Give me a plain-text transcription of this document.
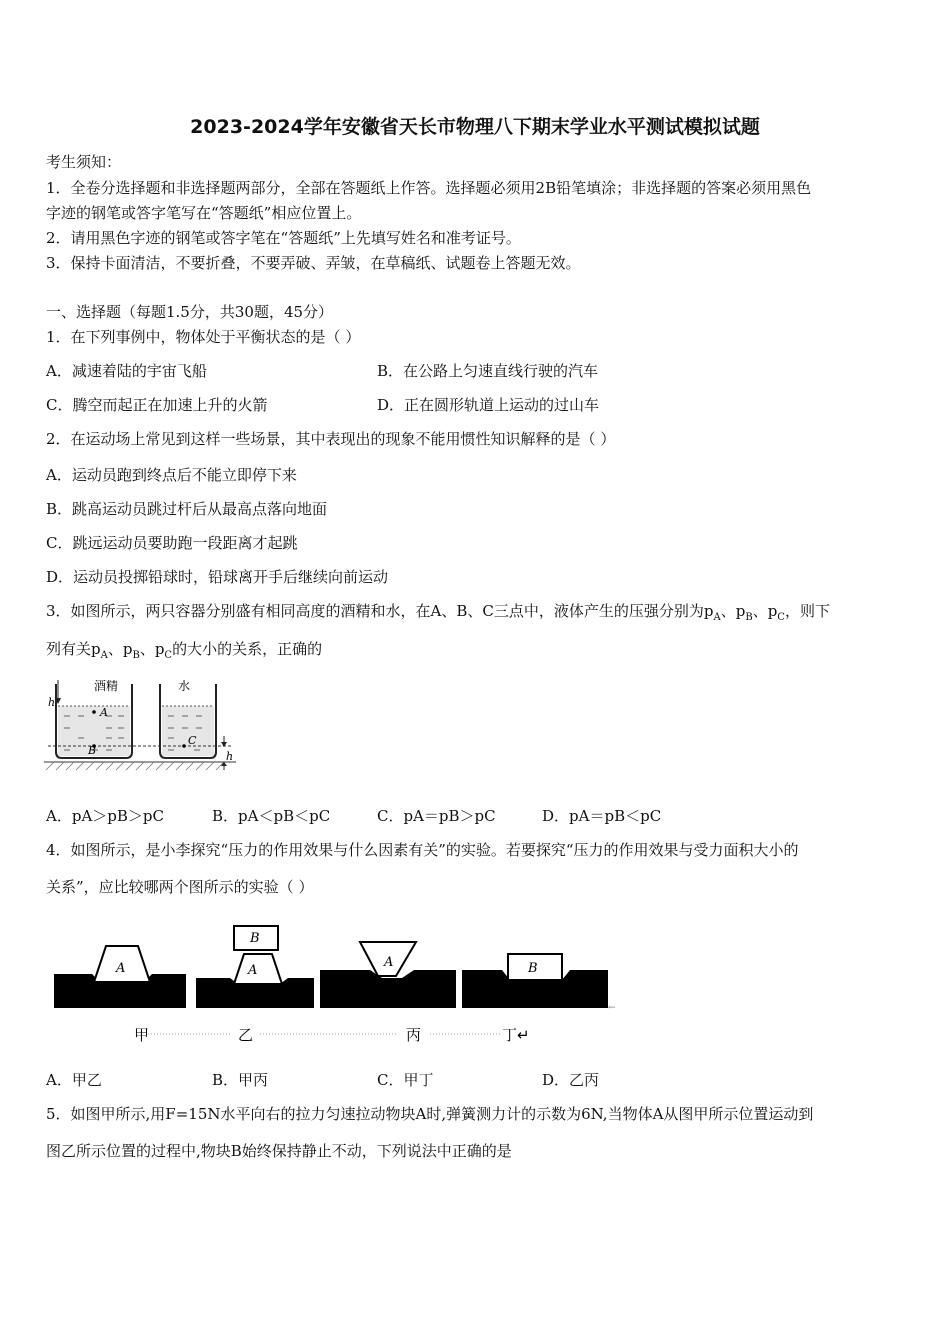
2023-2024学年安徽省天长市物理八下期末学业水平测试模拟试题
考生须知：
1．全卷分选择题和非选择题两部分，全部在答题纸上作答。选择题必须用2B铅笔填涂；非选择题的答案必须用黑色
字迹的钢笔或答字笔写在“答题纸”相应位置上。
2．请用黑色字迹的钢笔或答字笔在“答题纸”上先填写姓名和准考证号。
3．保持卡面清洁，不要折叠，不要弄破、弄皱，在草稿纸、试题卷上答题无效。
一、选择题（每题1.5分，共30题，45分）
1．在下列事例中，物体处于平衡状态的是（ ）
A．减速着陆的宇宙飞船	B．在公路上匀速直线行驶的汽车
C．腾空而起正在加速上升的火箭	D．正在圆形轨道上运动的过山车
2．在运动场上常见到这样一些场景，其中表现出的现象不能用惯性知识解释的是（ ）
A．运动员跑到终点后不能立即停下来
B．跳高运动员跳过杆后从最高点落向地面
C．跳远运动员要助跑一段距离才起跳
D．运动员投掷铅球时，铅球离开手后继续向前运动
3．如图所示，两只容器分别盛有相同高度的酒精和水，在A、B、C三点中，液体产生的压强分别为$p_A$、$p_B$、$p_C$，则下
列有关$p_A$、$p_B$、$p_C$的大小的关系，正确的
酒精	水
A
B
C
h
h
A．pA＞pB＞pC	B．pA＜pB＜pC	C．pA＝pB＞pC	D．pA＝pB＜pC
4．如图所示，是小李探究“压力的作用效果与什么因素有关”的实验。若要探究“压力的作用效果与受力面积大小的
关系”，应比较哪两个图所示的实验（ ）
A
B
A
A	B
←
甲	乙	丙	丁↵
A．甲乙	B．甲丙	C．甲丁	D．乙丙
5．如图甲所示,用F=15N水平向右的拉力匀速拉动物块A时,弹簧测力计的示数为6N,当物体A从图甲所示位置运动到
图乙所示位置的过程中,物块B始终保持静止不动，下列说法中正确的是
